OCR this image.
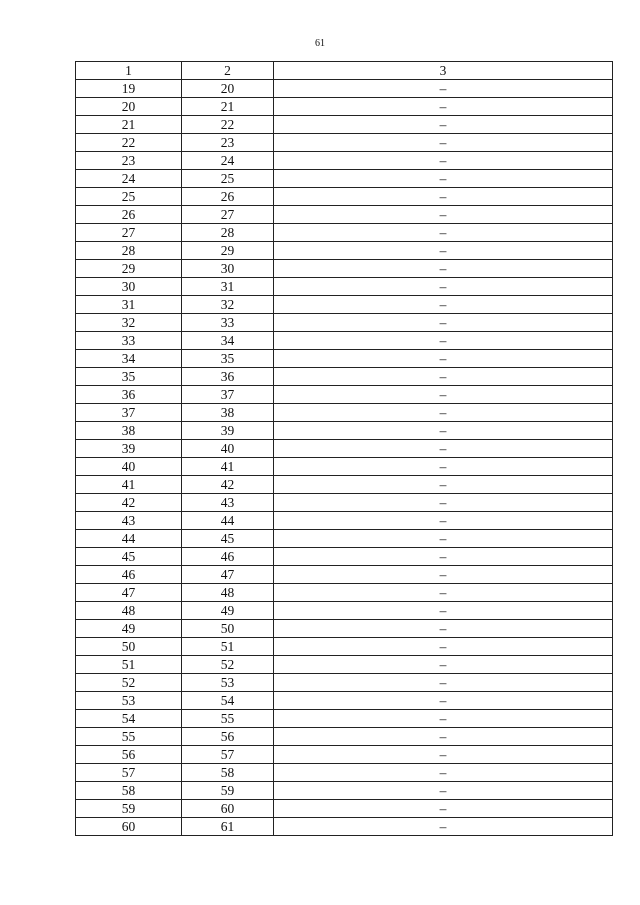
61
1	2	3
19	20	–
20	21	–
21	22	–
22	23	–
23	24	–
24	25	–
25	26	–
26	27	–
27	28	–
28	29	–
29	30	–
30	31	–
31	32	–
32	33	–
33	34	–
34	35	–
35	36	–
36	37	–
37	38	–
38	39	–
39	40	–
40	41	–
41	42	–
42	43	–
43	44	–
44	45	–
45	46	–
46	47	–
47	48	–
48	49	–
49	50	–
50	51	–
51	52	–
52	53	–
53	54	–
54	55	–
55	56	–
56	57	–
57	58	–
58	59	–
59	60	–
60	61	–
